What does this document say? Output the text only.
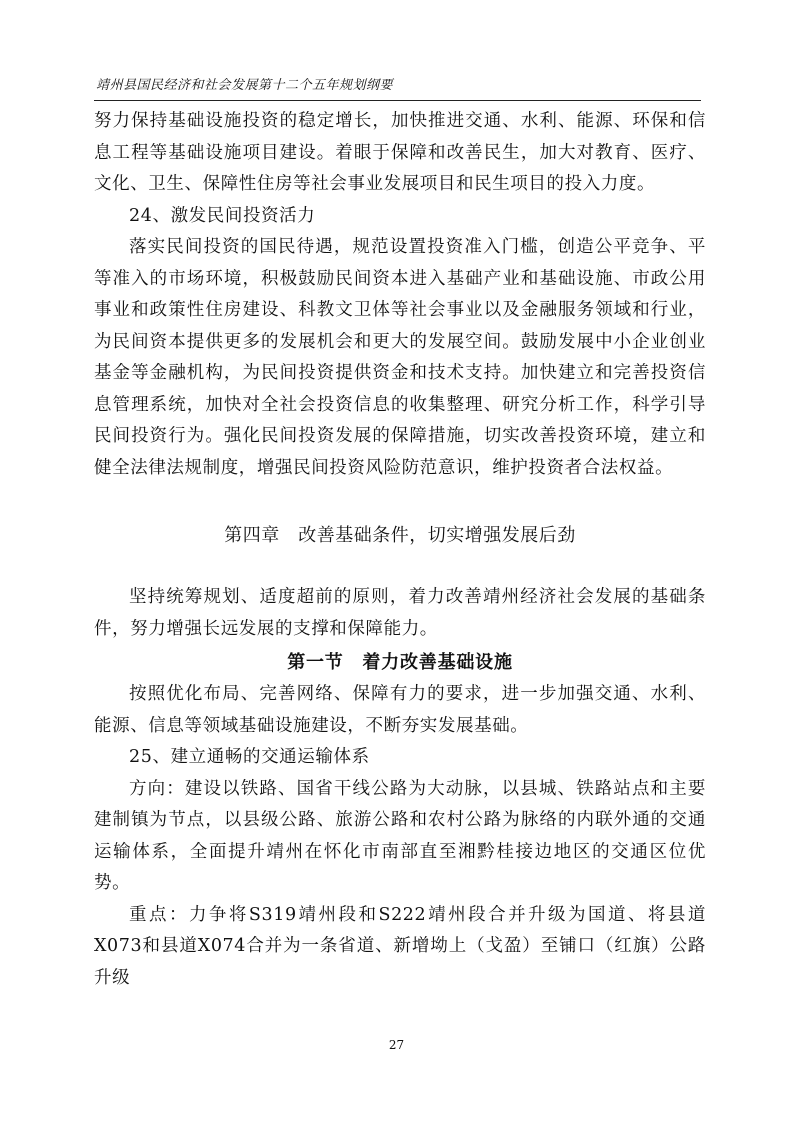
靖州县国民经济和社会发展第十二个五年规划纲要

努力保持基础设施投资的稳定增长，加快推进交通、水利、能源、环保和信息工程等基础设施项目建设。着眼于保障和改善民生，加大对教育、医疗、文化、卫生、保障性住房等社会事业发展项目和民生项目的投入力度。

24、激发民间投资活力

落实民间投资的国民待遇，规范设置投资准入门槛，创造公平竞争、平等准入的市场环境，积极鼓励民间资本进入基础产业和基础设施、市政公用事业和政策性住房建设、科教文卫体等社会事业以及金融服务领域和行业，为民间资本提供更多的发展机会和更大的发展空间。鼓励发展中小企业创业基金等金融机构，为民间投资提供资金和技术支持。加快建立和完善投资信息管理系统，加快对全社会投资信息的收集整理、研究分析工作，科学引导民间投资行为。强化民间投资发展的保障措施，切实改善投资环境，建立和健全法律法规制度，增强民间投资风险防范意识，维护投资者合法权益。

第四章　改善基础条件，切实增强发展后劲

坚持统筹规划、适度超前的原则，着力改善靖州经济社会发展的基础条件，努力增强长远发展的支撑和保障能力。

第一节　着力改善基础设施

按照优化布局、完善网络、保障有力的要求，进一步加强交通、水利、能源、信息等领域基础设施建设，不断夯实发展基础。

25、建立通畅的交通运输体系

方向：建设以铁路、国省干线公路为大动脉，以县城、铁路站点和主要建制镇为节点，以县级公路、旅游公路和农村公路为脉络的内联外通的交通运输体系，全面提升靖州在怀化市南部直至湘黔桂接边地区的交通区位优势。

重点：力争将S319靖州段和S222靖州段合并升级为国道、将县道X073和县道X074合并为一条省道、新增坳上（戈盈）至铺口（红旗）公路升级

27
